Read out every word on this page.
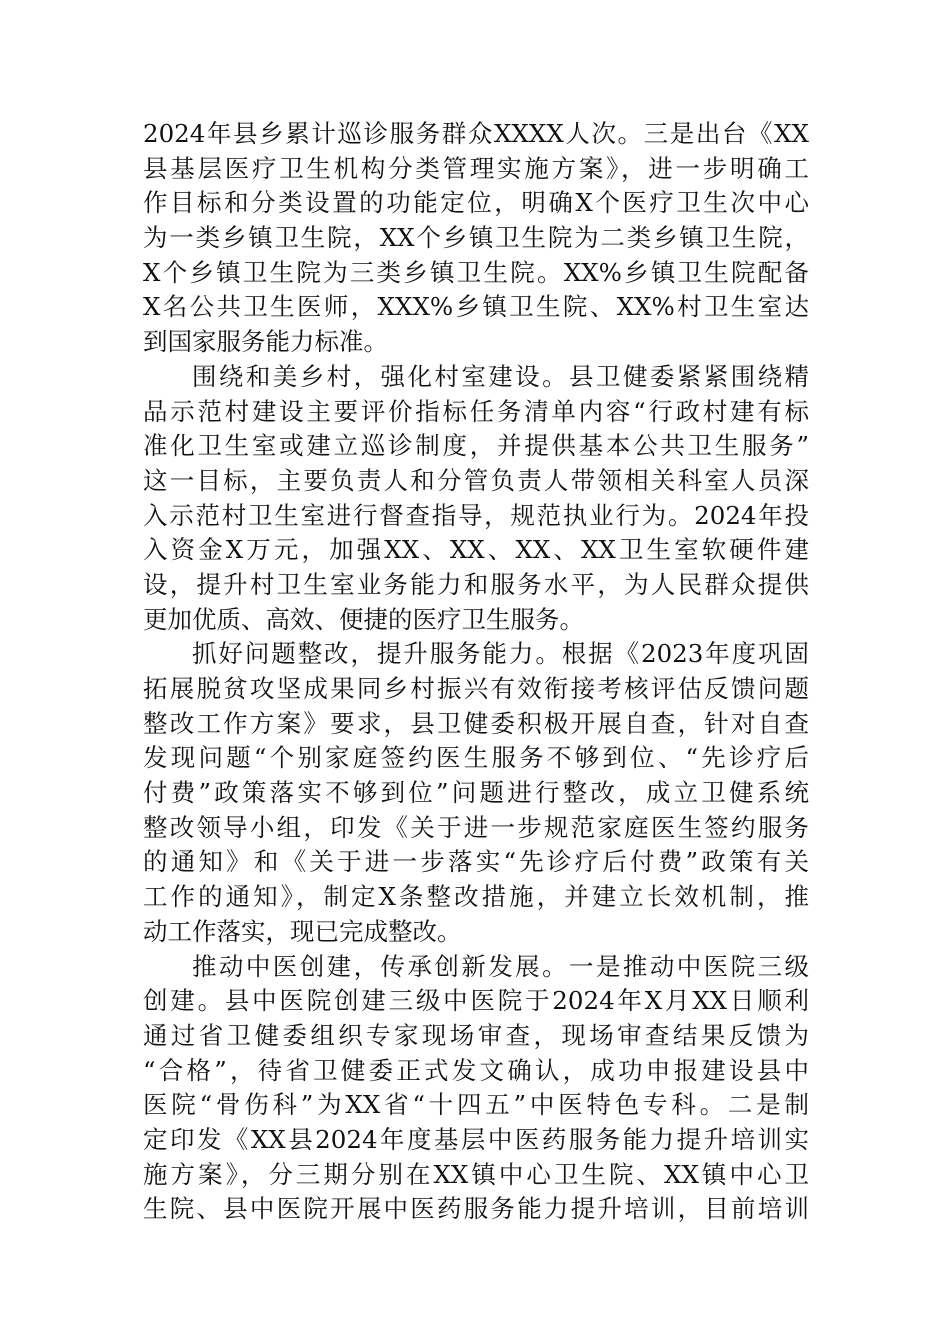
2024年县乡累计巡诊服务群众XXXX人次。三是出台《XX
县基层医疗卫生机构分类管理实施方案》，进一步明确工
作目标和分类设置的功能定位，明确X个医疗卫生次中心
为一类乡镇卫生院，XX个乡镇卫生院为二类乡镇卫生院，
X个乡镇卫生院为三类乡镇卫生院。XX%乡镇卫生院配备
X名公共卫生医师，XXX%乡镇卫生院、XX%村卫生室达
到国家服务能力标准。
围绕和美乡村，强化村室建设。县卫健委紧紧围绕精
品示范村建设主要评价指标任务清单内容“行政村建有标
准化卫生室或建立巡诊制度，并提供基本公共卫生服务”
这一目标，主要负责人和分管负责人带领相关科室人员深
入示范村卫生室进行督查指导，规范执业行为。2024年投
入资金X万元，加强XX、XX、XX、XX卫生室软硬件建
设，提升村卫生室业务能力和服务水平，为人民群众提供
更加优质、高效、便捷的医疗卫生服务。
抓好问题整改，提升服务能力。根据《2023年度巩固
拓展脱贫攻坚成果同乡村振兴有效衔接考核评估反馈问题
整改工作方案》要求，县卫健委积极开展自查，针对自查
发现问题“个别家庭签约医生服务不够到位、“先诊疗后
付费”政策落实不够到位”问题进行整改，成立卫健系统
整改领导小组，印发《关于进一步规范家庭医生签约服务
的通知》和《关于进一步落实“先诊疗后付费”政策有关
工作的通知》，制定X条整改措施，并建立长效机制，推
动工作落实，现已完成整改。
推动中医创建，传承创新发展。一是推动中医院三级
创建。县中医院创建三级中医院于2024年X月XX日顺利
通过省卫健委组织专家现场审查，现场审查结果反馈为
“合格”，待省卫健委正式发文确认，成功申报建设县中
医院“骨伤科”为XX省“十四五”中医特色专科。二是制
定印发《XX县2024年度基层中医药服务能力提升培训实
施方案》，分三期分别在XX镇中心卫生院、XX镇中心卫
生院、县中医院开展中医药服务能力提升培训，目前培训
